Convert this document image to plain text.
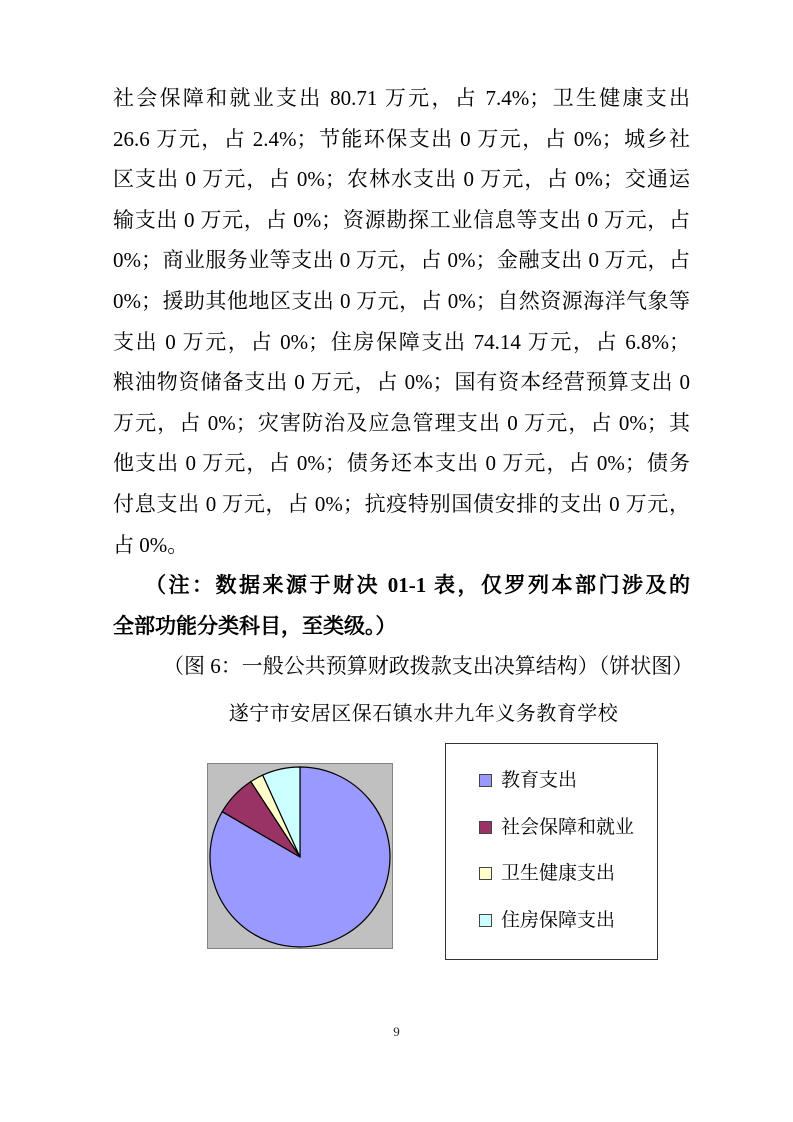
社会保障和就业支出 80.71 万元，占 7.4%；卫生健康支出
26.6 万元，占 2.4%；节能环保支出 0 万元，占 0%；城乡社
区支出 0 万元，占 0%；农林水支出 0 万元，占 0%；交通运
输支出 0 万元，占 0%；资源勘探工业信息等支出 0 万元，占
0%；商业服务业等支出 0 万元，占 0%；金融支出 0 万元，占
0%；援助其他地区支出 0 万元，占 0%；自然资源海洋气象等
支出 0 万元，占 0%；住房保障支出 74.14 万元，占 6.8%；
粮油物资储备支出 0 万元，占 0%；国有资本经营预算支出 0
万元，占 0%；灾害防治及应急管理支出 0 万元，占 0%；其
他支出 0 万元，占 0%；债务还本支出 0 万元，占 0%；债务
付息支出 0 万元，占 0%；抗疫特别国债安排的支出 0 万元，
占 0%。
（注：数据来源于财决 01-1 表，仅罗列本部门涉及的
全部功能分类科目，至类级。）
（图 6：一般公共预算财政拨款支出决算结构）（饼状图）
遂宁市安居区保石镇水井九年义务教育学校
教育支出
社会保障和就业
卫生健康支出
住房保障支出
9
